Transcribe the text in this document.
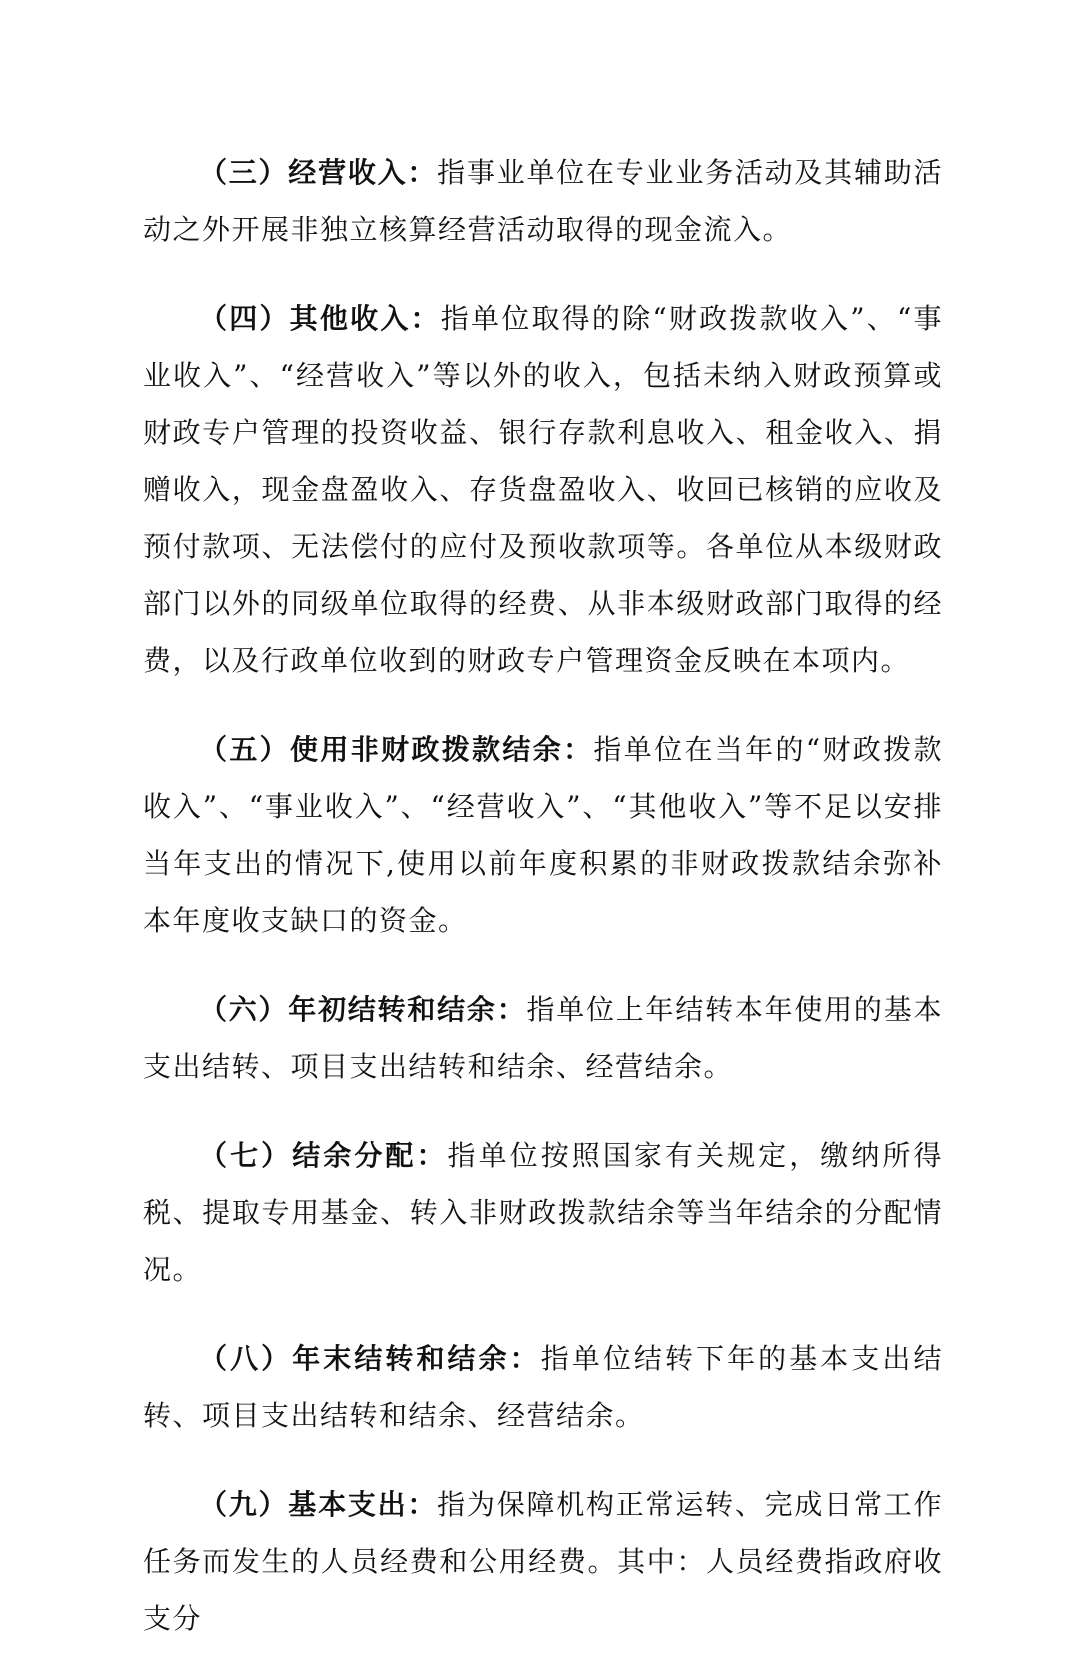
（三）经营收入：指事业单位在专业业务活动及其辅助活动之外开展非独立核算经营活动取得的现金流入。

（四）其他收入：指单位取得的除“财政拨款收入”、“事业收入”、“经营收入”等以外的收入，包括未纳入财政预算或财政专户管理的投资收益、银行存款利息收入、租金收入、捐赠收入，现金盘盈收入、存货盘盈收入、收回已核销的应收及预付款项、无法偿付的应付及预收款项等。各单位从本级财政部门以外的同级单位取得的经费、从非本级财政部门取得的经费，以及行政单位收到的财政专户管理资金反映在本项内。

（五）使用非财政拨款结余：指单位在当年的“财政拨款收入”、“事业收入”、“经营收入”、“其他收入”等不足以安排当年支出的情况下,使用以前年度积累的非财政拨款结余弥补本年度收支缺口的资金。

（六）年初结转和结余：指单位上年结转本年使用的基本支出结转、项目支出结转和结余、经营结余。

（七）结余分配：指单位按照国家有关规定，缴纳所得税、提取专用基金、转入非财政拨款结余等当年结余的分配情况。

（八）年末结转和结余：指单位结转下年的基本支出结转、项目支出结转和结余、经营结余。

（九）基本支出：指为保障机构正常运转、完成日常工作任务而发生的人员经费和公用经费。其中：人员经费指政府收支分
